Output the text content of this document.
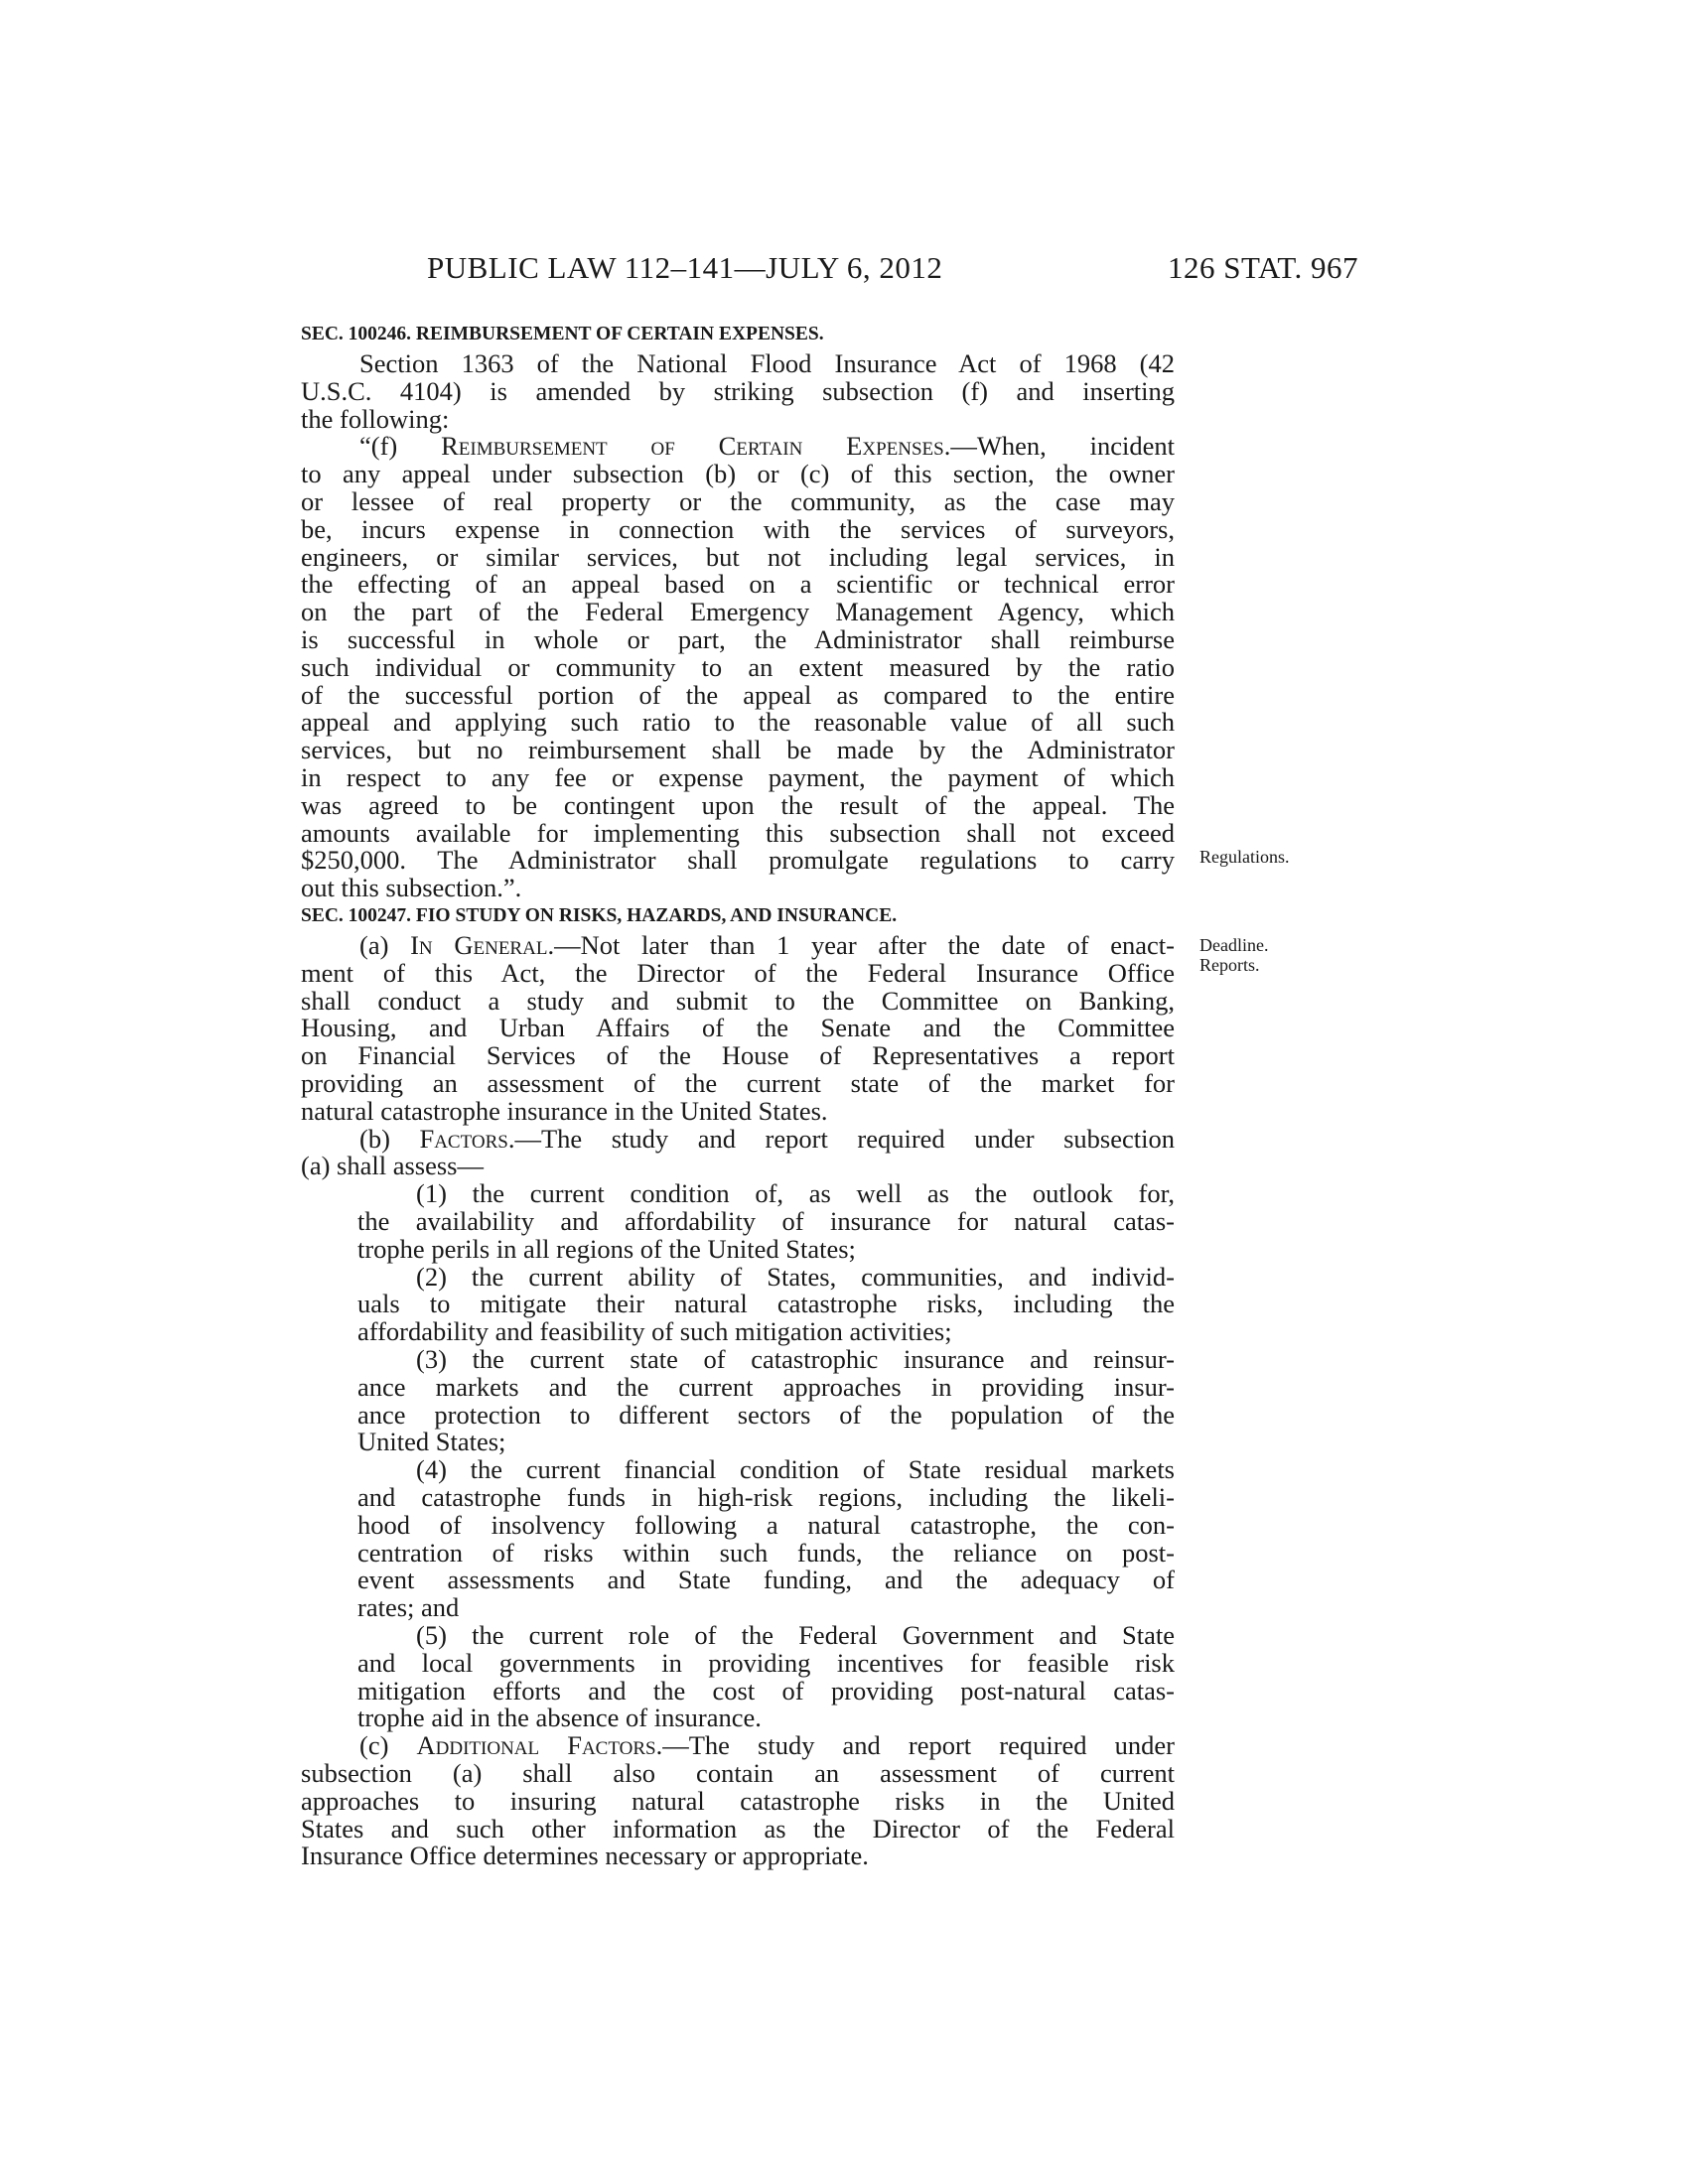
PUBLIC LAW 112–141—JULY 6, 2012	126 STAT. 967
SEC. 100246. REIMBURSEMENT OF CERTAIN EXPENSES.
Section 1363 of the National Flood Insurance Act of 1968 (42
U.S.C. 4104) is amended by striking subsection (f) and inserting
the following:
“(f) Reimbursement of Certain Expenses.—When, incident
to any appeal under subsection (b) or (c) of this section, the owner
or lessee of real property or the community, as the case may
be, incurs expense in connection with the services of surveyors,
engineers, or similar services, but not including legal services, in
the effecting of an appeal based on a scientific or technical error
on the part of the Federal Emergency Management Agency, which
is successful in whole or part, the Administrator shall reimburse
such individual or community to an extent measured by the ratio
of the successful portion of the appeal as compared to the entire
appeal and applying such ratio to the reasonable value of all such
services, but no reimbursement shall be made by the Administrator
in respect to any fee or expense payment, the payment of which
was agreed to be contingent upon the result of the appeal. The
amounts available for implementing this subsection shall not exceed
$250,000. The Administrator shall promulgate regulations to carry
out this subsection.”.
SEC. 100247. FIO STUDY ON RISKS, HAZARDS, AND INSURANCE.
(a) In General.—Not later than 1 year after the date of enact-
ment of this Act, the Director of the Federal Insurance Office
shall conduct a study and submit to the Committee on Banking,
Housing, and Urban Affairs of the Senate and the Committee
on Financial Services of the House of Representatives a report
providing an assessment of the current state of the market for
natural catastrophe insurance in the United States.
(b) Factors.—The study and report required under subsection
(a) shall assess—
(1) the current condition of, as well as the outlook for,
the availability and affordability of insurance for natural catas-
trophe perils in all regions of the United States;
(2) the current ability of States, communities, and individ-
uals to mitigate their natural catastrophe risks, including the
affordability and feasibility of such mitigation activities;
(3) the current state of catastrophic insurance and reinsur-
ance markets and the current approaches in providing insur-
ance protection to different sectors of the population of the
United States;
(4) the current financial condition of State residual markets
and catastrophe funds in high-risk regions, including the likeli-
hood of insolvency following a natural catastrophe, the con-
centration of risks within such funds, the reliance on post-
event assessments and State funding, and the adequacy of
rates; and
(5) the current role of the Federal Government and State
and local governments in providing incentives for feasible risk
mitigation efforts and the cost of providing post-natural catas-
trophe aid in the absence of insurance.
(c) Additional Factors.—The study and report required under
subsection (a) shall also contain an assessment of current
approaches to insuring natural catastrophe risks in the United
States and such other information as the Director of the Federal
Insurance Office determines necessary or appropriate.
Regulations.
Deadline.
Reports.
